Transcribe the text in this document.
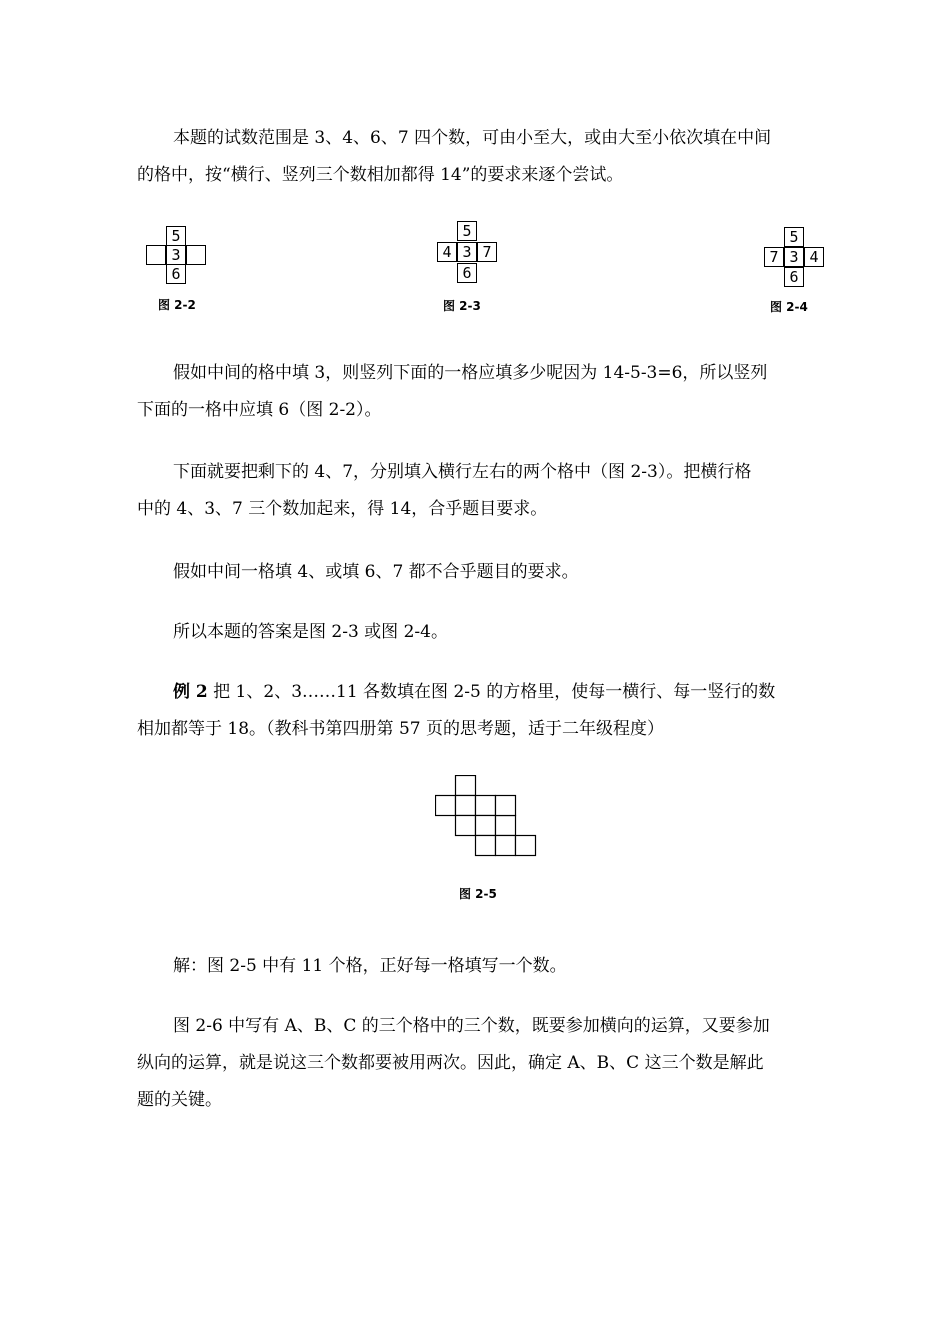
本题的试数范围是 3、4、6、7 四个数，可由小至大，或由大至小依次填在中间
的格中，按“横行、竖列三个数相加都得 14”的要求来逐个尝试。
5
3
6
图 2-2
5
4 3 7
6
图 2-3
5
7 3 4
6
图 2-4
假如中间的格中填 3，则竖列下面的一格应填多少呢因为 14-5-3=6，所以竖列
下面的一格中应填 6（图 2-2）。
下面就要把剩下的 4、7，分别填入横行左右的两个格中（图 2-3）。把横行格
中的 4、3、7 三个数加起来，得 14，合乎题目要求。
假如中间一格填 4、或填 6、7 都不合乎题目的要求。
所以本题的答案是图 2-3 或图 2-4。
例 2 把 1、2、3……11 各数填在图 2-5 的方格里，使每一横行、每一竖行的数
相加都等于 18。（教科书第四册第 57 页的思考题，适于二年级程度）
图 2-5
解：图 2-5 中有 11 个格，正好每一格填写一个数。
图 2-6 中写有 A、B、C 的三个格中的三个数，既要参加横向的运算，又要参加
纵向的运算，就是说这三个数都要被用两次。因此，确定 A、B、C 这三个数是解此
题的关键。
